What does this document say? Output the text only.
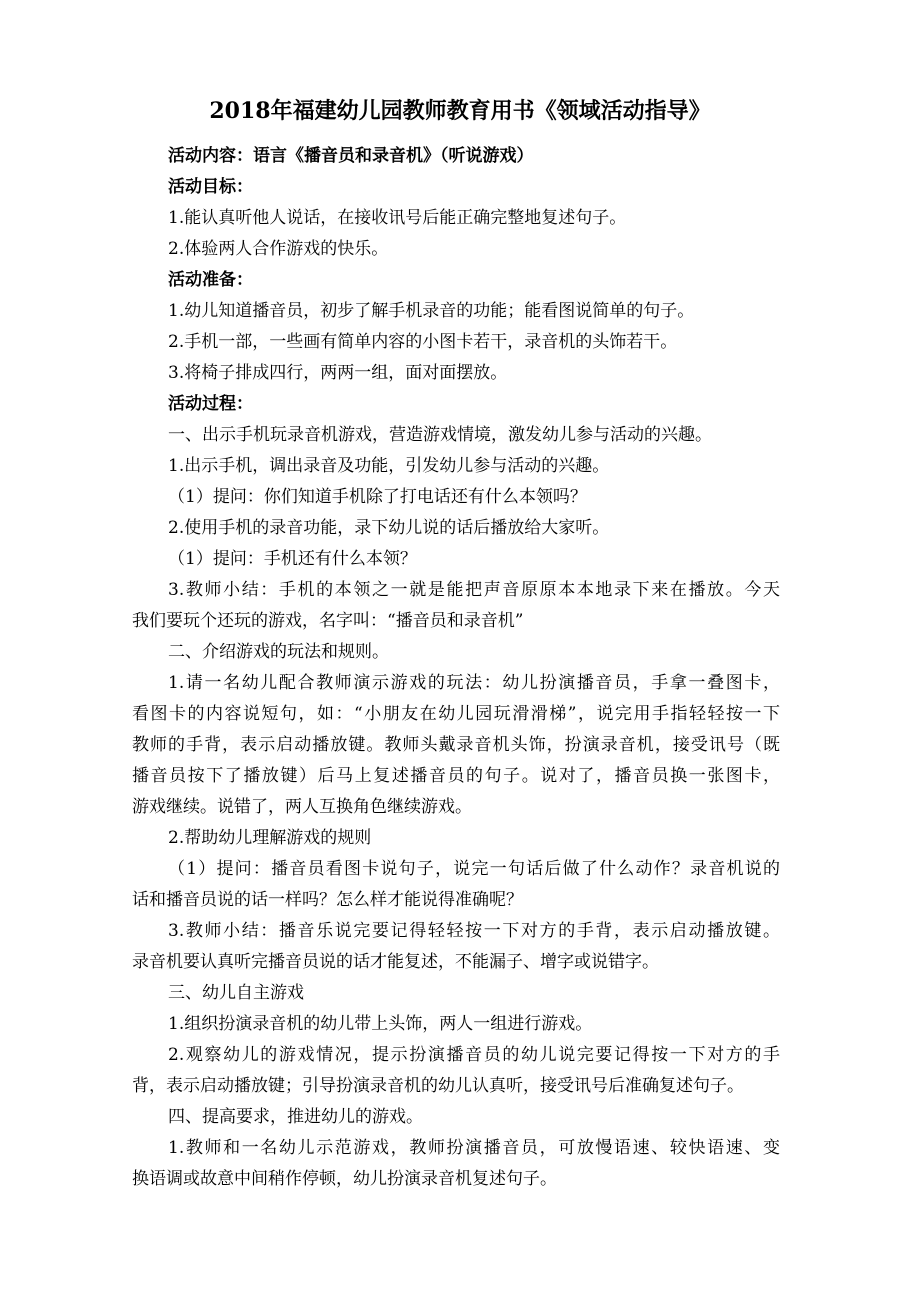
2018年福建幼儿园教师教育用书《领域活动指导》
活动内容：语言《播音员和录音机》（听说游戏）
活动目标：
1.能认真听他人说话，在接收讯号后能正确完整地复述句子。
2.体验两人合作游戏的快乐。
活动准备：
1.幼儿知道播音员，初步了解手机录音的功能；能看图说简单的句子。
2.手机一部，一些画有简单内容的小图卡若干，录音机的头饰若干。
3.将椅子排成四行，两两一组，面对面摆放。
活动过程：
一、出示手机玩录音机游戏，营造游戏情境，激发幼儿参与活动的兴趣。
1.出示手机，调出录音及功能，引发幼儿参与活动的兴趣。
（1）提问：你们知道手机除了打电话还有什么本领吗？
2.使用手机的录音功能，录下幼儿说的话后播放给大家听。
（1）提问：手机还有什么本领？
3.教师小结：手机的本领之一就是能把声音原原本本地录下来在播放。今天
我们要玩个还玩的游戏，名字叫：“播音员和录音机”
二、介绍游戏的玩法和规则。
1.请一名幼儿配合教师演示游戏的玩法：幼儿扮演播音员，手拿一叠图卡，
看图卡的内容说短句，如：“小朋友在幼儿园玩滑滑梯”，说完用手指轻轻按一下
教师的手背，表示启动播放键。教师头戴录音机头饰，扮演录音机，接受讯号（既
播音员按下了播放键）后马上复述播音员的句子。说对了，播音员换一张图卡，
游戏继续。说错了，两人互换角色继续游戏。
2.帮助幼儿理解游戏的规则
（1）提问：播音员看图卡说句子，说完一句话后做了什么动作？录音机说的
话和播音员说的话一样吗？怎么样才能说得准确呢？
3.教师小结：播音乐说完要记得轻轻按一下对方的手背，表示启动播放键。
录音机要认真听完播音员说的话才能复述，不能漏子、增字或说错字。
三、幼儿自主游戏
1.组织扮演录音机的幼儿带上头饰，两人一组进行游戏。
2.观察幼儿的游戏情况，提示扮演播音员的幼儿说完要记得按一下对方的手
背，表示启动播放键；引导扮演录音机的幼儿认真听，接受讯号后准确复述句子。
四、提高要求，推进幼儿的游戏。
1.教师和一名幼儿示范游戏，教师扮演播音员，可放慢语速、较快语速、变
换语调或故意中间稍作停顿，幼儿扮演录音机复述句子。
